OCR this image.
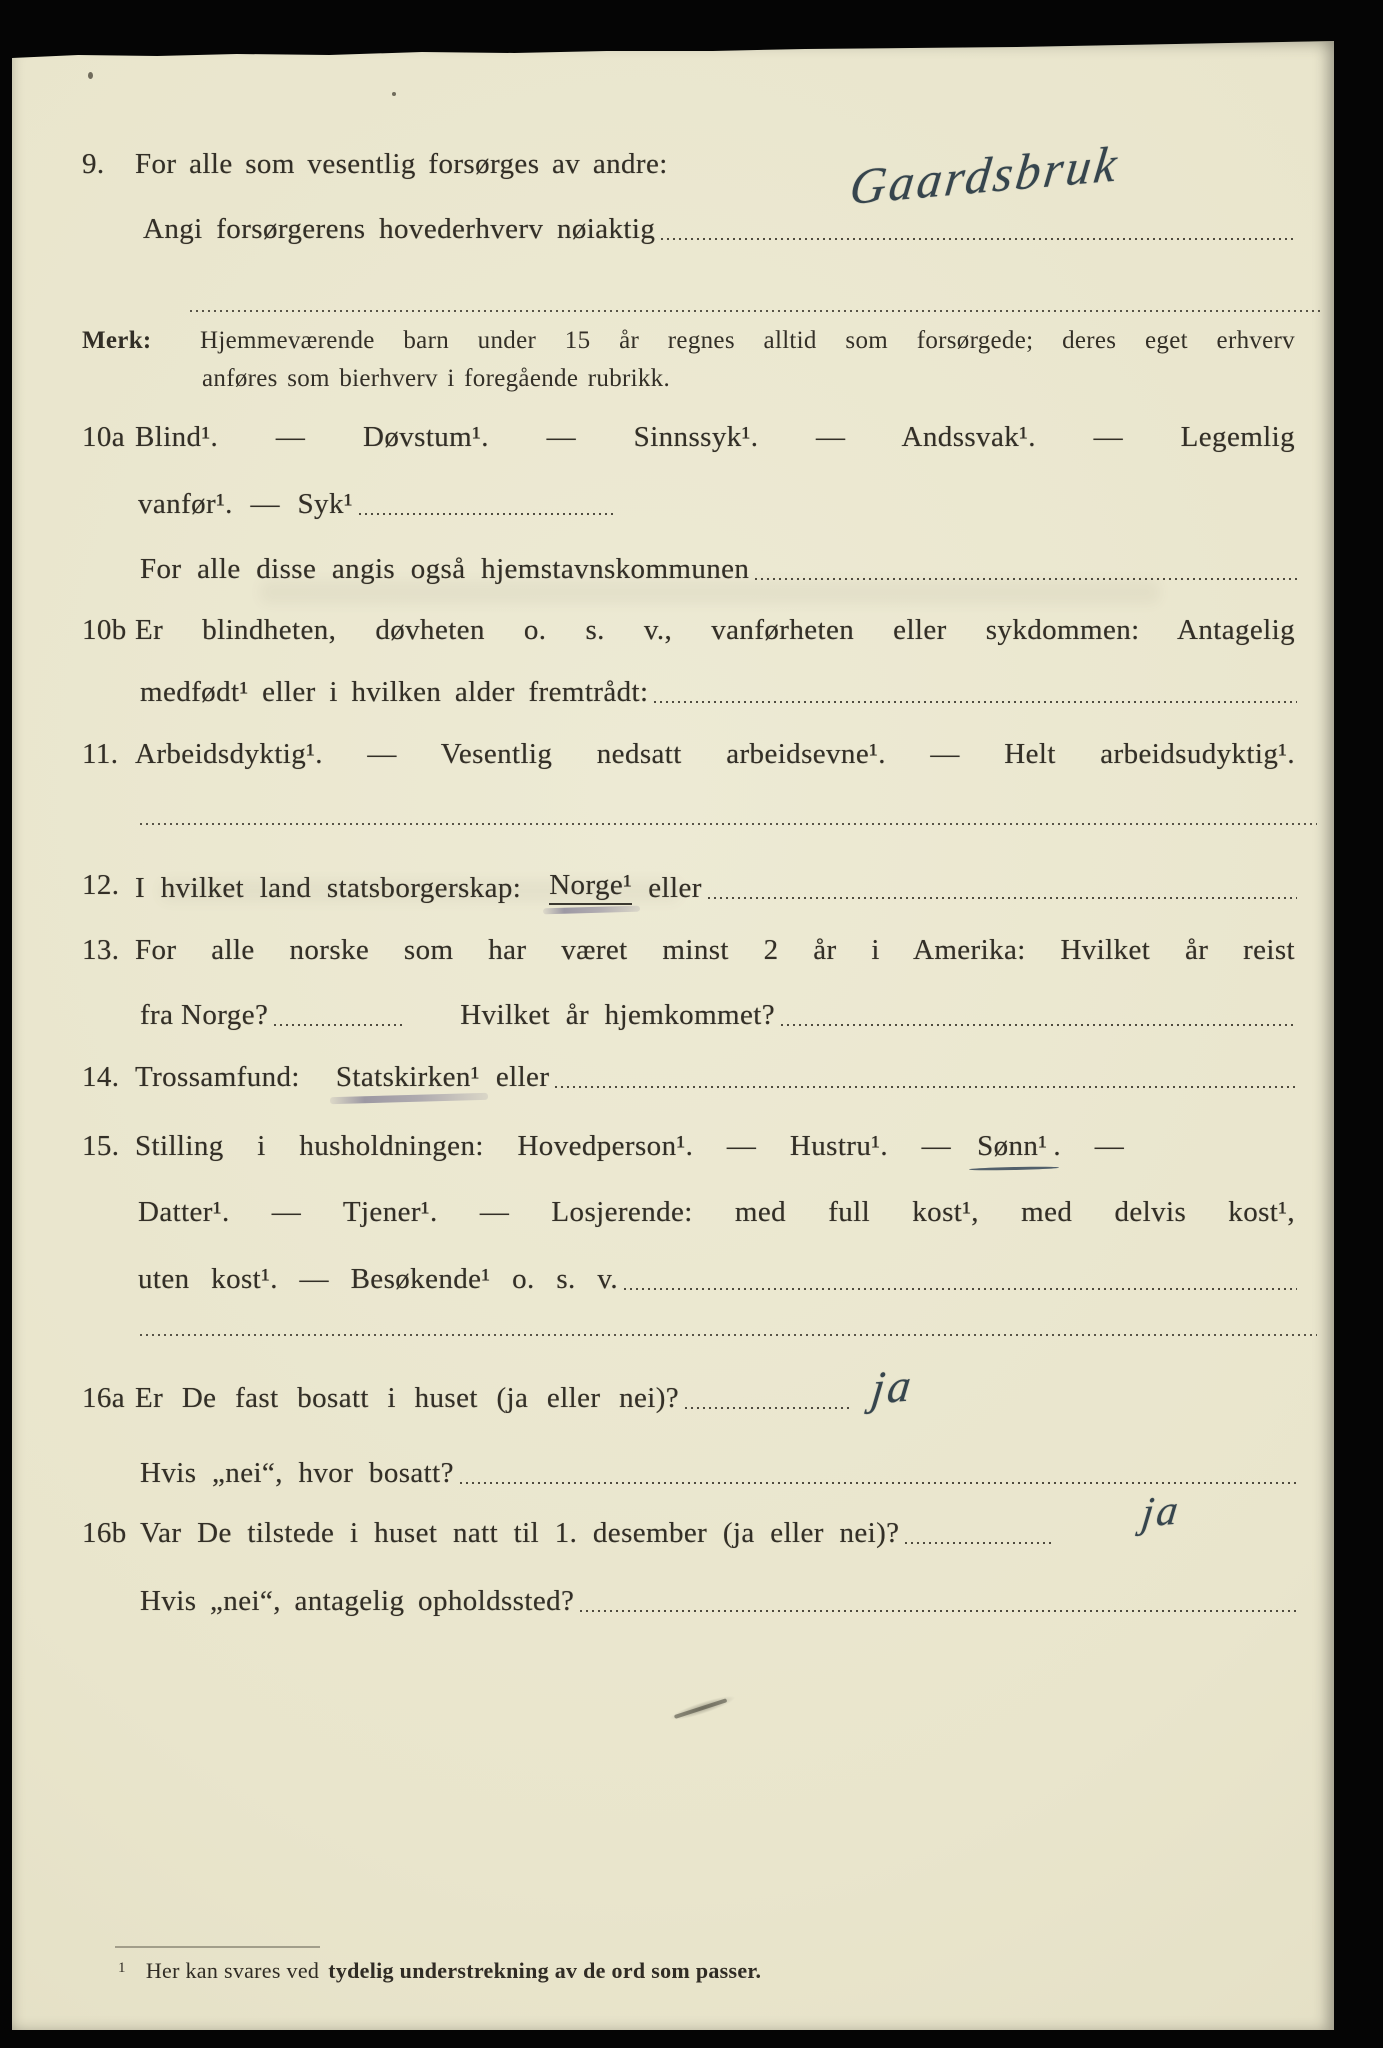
9.	For alle som vesentlig forsørges av andre:
Angi forsørgerens hovederhverv nøiaktig
Gaardsbruk
Merk:	Hjemmeværende barn under 15 år regnes alltid som forsørgede; deres eget erhverv
anføres som bierhverv i foregående rubrikk.
10a Blind¹. — Døvstum¹. — Sinnssyk¹. — Andssvak¹. — Legemlig
vanfør¹. — Syk¹
For alle disse angis også hjemstavnskommunen
10b Er blindheten, døvheten o. s. v., vanførheten eller sykdommen: Antagelig
medfødt¹ eller i hvilken alder fremtrådt:
11. Arbeidsdyktig¹. — Vesentlig nedsatt arbeidsevne¹. — Helt arbeidsudyktig¹.
12. I hvilket land statsborgerskap: Norge¹ eller
13. For alle norske som har været minst 2 år i Amerika: Hvilket år reist
fra Norge?	Hvilket år hjemkommet?
14. Trossamfund: Statskirken¹ eller
15. Stilling i husholdningen: Hovedperson¹. — Hustru¹. — Sønn¹ . —
Datter¹. — Tjener¹. — Losjerende: med full kost¹, med delvis kost¹,
uten kost¹. — Besøkende¹ o. s. v.
16a Er De fast bosatt i huset (ja eller nei)?	ja
Hvis „nei“, hvor bosatt?
16b Var De tilstede i huset natt til 1. desember (ja eller nei)?	ja
Hvis „nei“, antagelig opholdssted?
1 Her kan svares ved tydelig understrekning av de ord som passer.
